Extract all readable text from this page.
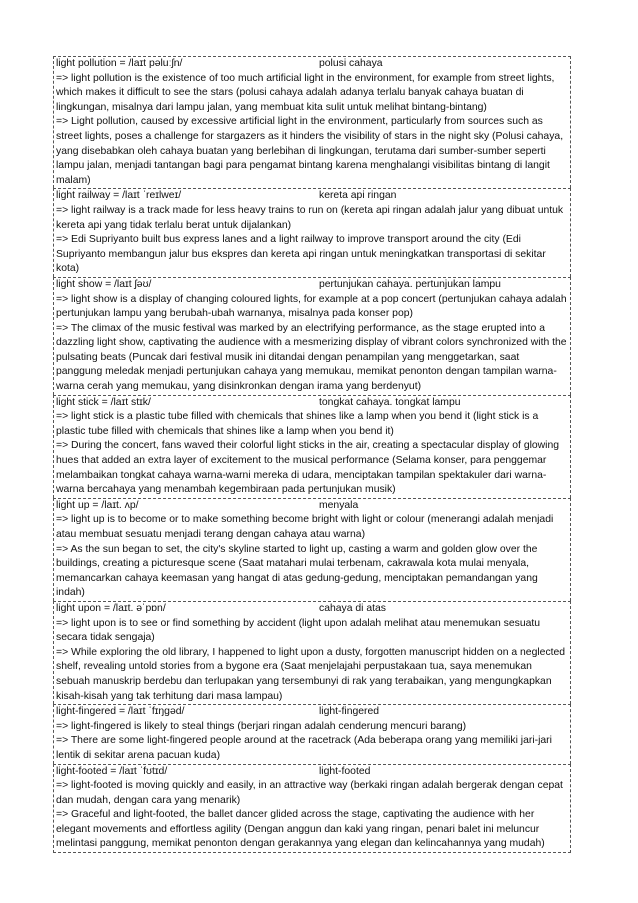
light pollution = /laɪt pəluːʃn/	polusi cahaya
=> light pollution is the existence of too much artificial light in the environment, for example from street lights, which makes it difficult to see the stars (polusi cahaya adalah adanya terlalu banyak cahaya buatan di lingkungan, misalnya dari lampu jalan, yang membuat kita sulit untuk melihat bintang-bintang)
=> Light pollution, caused by excessive artificial light in the environment, particularly from sources such as street lights, poses a challenge for stargazers as it hinders the visibility of stars in the night sky (Polusi cahaya, yang disebabkan oleh cahaya buatan yang berlebihan di lingkungan, terutama dari sumber-sumber seperti lampu jalan, menjadi tantangan bagi para pengamat bintang karena menghalangi visibilitas bintang di langit malam)
light railway = /laɪt ˈreɪlweɪ/	kereta api ringan
=> light railway is a track made for less heavy trains to run on (kereta api ringan adalah jalur yang dibuat untuk kereta api yang tidak terlalu berat untuk dijalankan)
=> Edi Supriyanto built bus express lanes and a light railway to improve transport around the city (Edi Supriyanto membangun jalur bus ekspres dan kereta api ringan untuk meningkatkan transportasi di sekitar kota)
light show = /laɪt ʃəʊ/	pertunjukan cahaya. pertunjukan lampu
=> light show is a display of changing coloured lights, for example at a pop concert (pertunjukan cahaya adalah pertunjukan lampu yang berubah-ubah warnanya, misalnya pada konser pop)
=> The climax of the music festival was marked by an electrifying performance, as the stage erupted into a dazzling light show, captivating the audience with a mesmerizing display of vibrant colors synchronized with the pulsating beats (Puncak dari festival musik ini ditandai dengan penampilan yang menggetarkan, saat panggung meledak menjadi pertunjukan cahaya yang memukau, memikat penonton dengan tampilan warna-warna cerah yang memukau, yang disinkronkan dengan irama yang berdenyut)
light stick = /laɪt stɪk/	tongkat cahaya. tongkat lampu
=> light stick is a plastic tube filled with chemicals that shines like a lamp when you bend it (light stick is a plastic tube filled with chemicals that shines like a lamp when you bend it)
=> During the concert, fans waved their colorful light sticks in the air, creating a spectacular display of glowing hues that added an extra layer of excitement to the musical performance (Selama konser, para penggemar melambaikan tongkat cahaya warna-warni mereka di udara, menciptakan tampilan spektakuler dari warna-warna bercahaya yang menambah kegembiraan pada pertunjukan musik)
light up = /laɪt. ʌp/	menyala
=> light up is to become or to make something become bright with light or colour (menerangi adalah menjadi atau membuat sesuatu menjadi terang dengan cahaya atau warna)
=> As the sun began to set, the city's skyline started to light up, casting a warm and golden glow over the buildings, creating a picturesque scene (Saat matahari mulai terbenam, cakrawala kota mulai menyala, memancarkan cahaya keemasan yang hangat di atas gedung-gedung, menciptakan pemandangan yang indah)
light upon = /laɪt. əˈpɒn/	cahaya di atas
=> light upon is to see or find something by accident (light upon adalah melihat atau menemukan sesuatu secara tidak sengaja)
=> While exploring the old library, I happened to light upon a dusty, forgotten manuscript hidden on a neglected shelf, revealing untold stories from a bygone era (Saat menjelajahi perpustakaan tua, saya menemukan sebuah manuskrip berdebu dan terlupakan yang tersembunyi di rak yang terabaikan, yang mengungkapkan kisah-kisah yang tak terhitung dari masa lampau)
light-fingered = /laɪt ˈfɪŋɡəd/	light-fingered
=> light-fingered is likely to steal things (berjari ringan adalah cenderung mencuri barang)
=> There are some light-fingered people around at the racetrack (Ada beberapa orang yang memiliki jari-jari lentik di sekitar arena pacuan kuda)
light-footed = /laɪt ˈfʊtɪd/	light-footed
=> light-footed is moving quickly and easily, in an attractive way (berkaki ringan adalah bergerak dengan cepat dan mudah, dengan cara yang menarik)
=> Graceful and light-footed, the ballet dancer glided across the stage, captivating the audience with her elegant movements and effortless agility (Dengan anggun dan kaki yang ringan, penari balet ini meluncur melintasi panggung, memikat penonton dengan gerakannya yang elegan dan kelincahannya yang mudah)
